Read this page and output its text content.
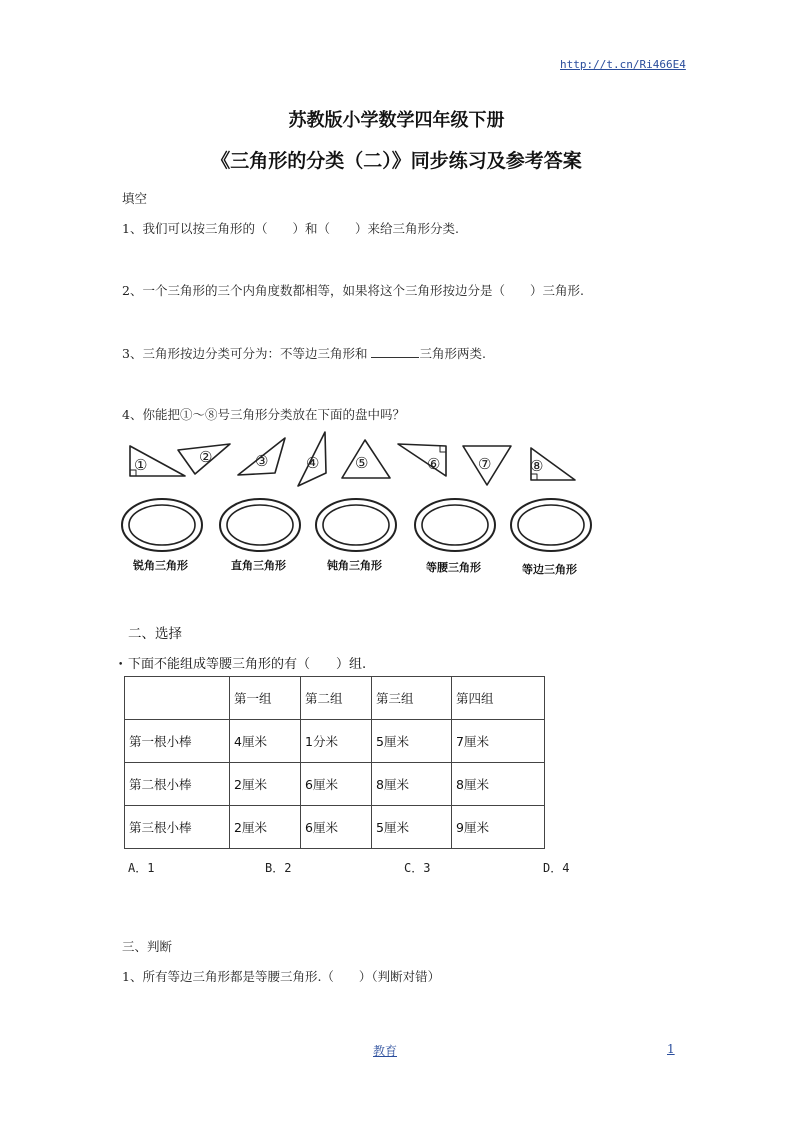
http://t.cn/Ri466E4
苏教版小学数学四年级下册
《三角形的分类（二）》同步练习及参考答案
填空
1、我们可以按三角形的（　　）和（　　）来给三角形分类.
2、一个三角形的三个内角度数都相等，如果将这个三角形按边分是（　　）三角形.
3、三角形按边分类可分为：不等边三角形和	三角形两类.
4、你能把①～⑧号三角形分类放在下面的盘中吗？
①	②	③	④ ⑤	⑥	⑦	⑧
锐角三角形	直角三角形	钝角三角形	等腰三角形	等边三角形
二、选择
• 下面不能组成等腰三角形的有（　　）组.
	第一组	第二组	第三组	第四组
第一根小棒	4厘米	1分米	5厘米	7厘米
第二根小棒	2厘米	6厘米	8厘米	8厘米
第三根小棒	2厘米	6厘米	5厘米	9厘米
A．1	B．2	C．3	D．4
三、判断
1、所有等边三角形都是等腰三角形.（　　）（判断对错）
教育	1
